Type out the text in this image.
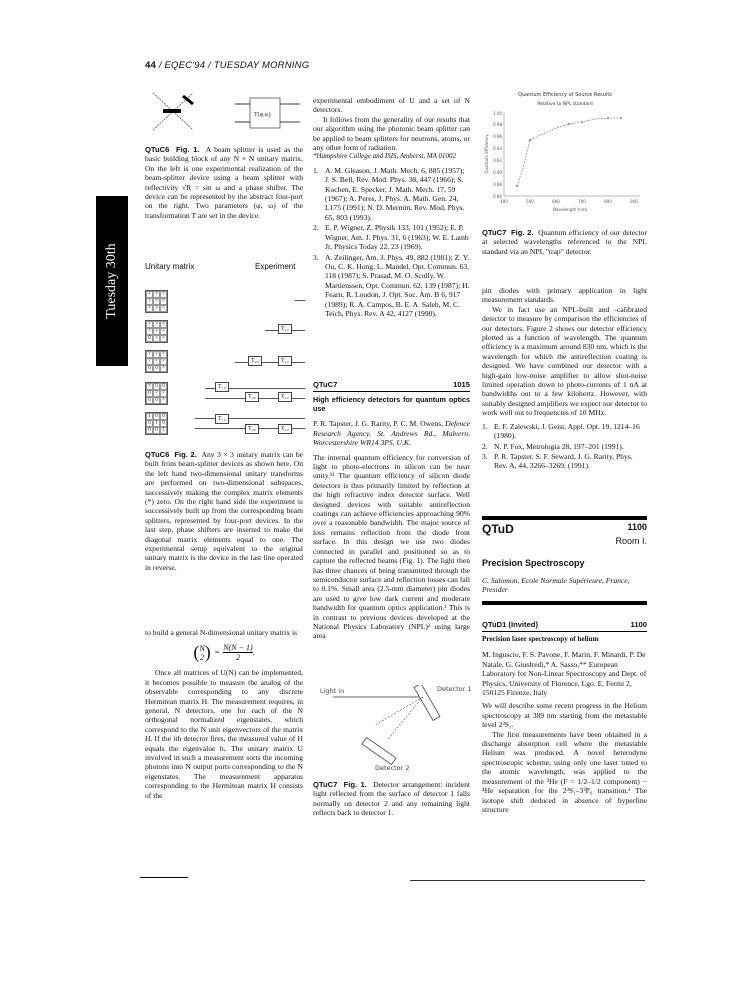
44 / EQEC'94 / TUESDAY MORNING
Tuesday 30th
T(φ,ω)
QTuC6 Fig. 1. A beam splitter is used as the basic building block of any N × N unitary matrix. On the left is one experimental realization of the beam-splitter device using a beam splitter with reflectivity √R = sin ω and a phase shifter. The device can be represented by the abstract four-port on the right. Two parameters (φ, ω) of the transformation T are set in the device.
Unitary matrix	Experiment
× × ×
× × ×
× × ×
× × ×
× × ×
0 × ×
T₁₂
× × ×
× × ×
0 0 ×
T₂₃	T₁₂
× 0 0
0 × ×
0 0 ×
T₁₃
T₂₃	T₁₂
1 0 0
0 1 0
0 0 1
T₁₃
T₂₃	T₁₂
QTuC6 Fig. 2. Any 3 × 3 unitary matrix can be built from beam-splitter devices as shown here. On the left hand two-dimensional unitary transforms are performed on two-dimensional subspaces, successively making the complex matrix elements (*) zero. On the right hand side the experiment is successively built up from the corresponding beam splitters, represented by four-port devices. In the last step, phase shifters are inserted to make the diagonal matrix elements equal to one. The experimental setup equivalent to the original unitary matrix is the device in the last line operated in reverse.

to build a general N-dimensional unitary matrix is

( N
2 ) = $\frac{N(N - 1)}{2}$ .

Once all matrices of U(N) can be implemented, it becomes possible to measure the analog of the observable corresponding to any discrete Hermitean matrix H. The measurement requires, in general, N detectors, one for each of the N orthogonal normalized eigenstates, which correspond to the N unit eigenvectors of the matrix H. If the ith detector fires, the measured value of H equals the eigenvalue hᵢ. The unitary matrix U involved in such a measurement sorts the incoming photons into N output ports corresponding to the N eigenstates. The measurement apparatus corresponding to the Hermitean matrix H consists of the

experimental embodiment of U and a set of N detectors.

It follows from the generality of our results that our algorithm using the photonic beam splitter can be applied to beam splitters for neutrons, atoms, or any other form of radiation.

*Hampshire College and ISIS, Amherst, MA 01002

1. A. M. Gleason, J. Math. Mech. 6, 885 (1957); J. S. Bell, Rev. Mod. Phys. 38, 447 (1966); S. Kochen, E. Specker, J. Math. Mech. 17, 59 (1967); A. Peres, J. Phys. A. Math. Gen. 24, L175 (1991); N. D. Mermin, Rev. Mod. Phys. 65, 803 (1993).
2. E. P. Wigner, Z. Physik 133, 101 (1952); E. P. Wigner, Am. J. Phys. 31, 6 (1963); W. E. Lamb Jr, Physics Today 22, 23 (1969).
3. A. Zeilinger, Am. J. Phys. 49, 882 (1981); Z. Y. Ou, C. K. Hong, L. Mandel, Opt. Commun. 63, 118 (1987); S. Prasad, M. O. Scully, W. Martienssen, Opt. Commun. 62, 139 (1987); H. Fearn, R. Loudon, J. Opt. Soc. Am. B 6, 917 (1989); R. A. Campos, B. E. A. Saleh, M. C. Teich, Phys. Rev. A 42, 4127 (1990).
QTuC7	1015
High efficiency detectors for quantum optics use

P. R. Tapster, J. G. Rarity, P. C. M. Owens, Defence Research Agency, St. Andrews Rd., Malvern, Worcestershire WR14 3PS, U.K.

The internal quantum efficiency for conversion of light to photo-electrons in silicon can be near unity.¹² The quantum efficiency of silicon diode detectors is thus primarily limited by reflection at the high refractive index detector surface. Well designed devices with suitable antireflection coatings can achieve efficiencies approaching 90% over a reasonable bandwidth. The major source of loss remains reflection from the diode front surface. In this design we use two diodes connected in parallel and positioned so as to capture the reflected beams (Fig. 1). The light then has three chances of being transmitted through the semiconductor surface and reflection losses can fall to 0.1%. Small area (2.5-mm diameter) pin diodes are used to give low dark current and moderate bandwidth for quantum optics application.³ This is in contrast to previous devices developed at the National Physics Laboratory (NPL)² using large area

Light in	Detector 1
Detector 2
QTuC7 Fig. 1. Detector arrangement: incident light reflected from the surface of detector 1 falls normally on detector 2 and any remaining light reflects back to detector 1.
Quantum Efficiency of Source Results
Relative to NPL standard
0.86
0.88
0.90
0.92
0.94
0.96
0.98
1.00
400	500	600	700	800	900
Wavelength (nm)
Quantum Efficiency
QTuC7 Fig. 2. Quantum efficiency of our detector at selected wavelengths referenced to the NPL standard via an NPL "trap" detector.

pin diodes with primary application in light measurement standards.

We in fact use an NPL-built and -calibrated detector to measure by comparison the efficiencies of our detectors. Figure 2 shows our detector efficiency plotted as a function of wavelength. The quantum efficiency is a maximum around 830 nm, which is the wavelength for which the antireflection coating is designed. We have combined our detector with a high-gain low-noise amplifier to allow shot-noise limited operation down to photo-currents of 1 nA at bandwidths out to a few kilohertz. However, with suitably designed amplifiers we expect our detector to work well out to frequencies of 10 MHz.

1. E. F. Zalewski, J. Geist, Appl. Opt. 19, 1214–16 (1980).
2. N. P. Fox, Metrologia 28, 197–201 (1991).
3. P. R. Tapster, S. F. Seward, J. G. Rarity, Phys. Rev. A, 44, 3266–3269, (1991).
QTuD	1100
Room I.
Precision Spectroscopy

C. Salomon, Ecole Normale Supérieure, France, Presider

QTuD1 (Invited)	1100
Precision laser spectroscopy of helium

M. Inguscio, F. S. Pavone, F. Marin, F. Minardi, P. De Natale, G. Giusfredi,* A. Sasso,** European Laboratory for Non-Linear Spectroscopy and Dept. of Physics, University of Florence, Lgo. E. Fermi 2, 150125 Firenze, Italy

We will describe some recent progress in the Helium spectroscopy at 389 nm starting from the metastable level 2³S₁.

The first measurements have been obtained in a discharge absorption cell where the metastable Helium was produced. A novel heterodyne spectroscopic scheme, using only one laser tuned to the atomic wavelength, was applied to the measurement of the ³He (F = 1/2–1/2 component) − ⁴He separation for the 2³S₁–3³P₀ transition.¹ The isotope shift deduced in absence of hyperfine structure
